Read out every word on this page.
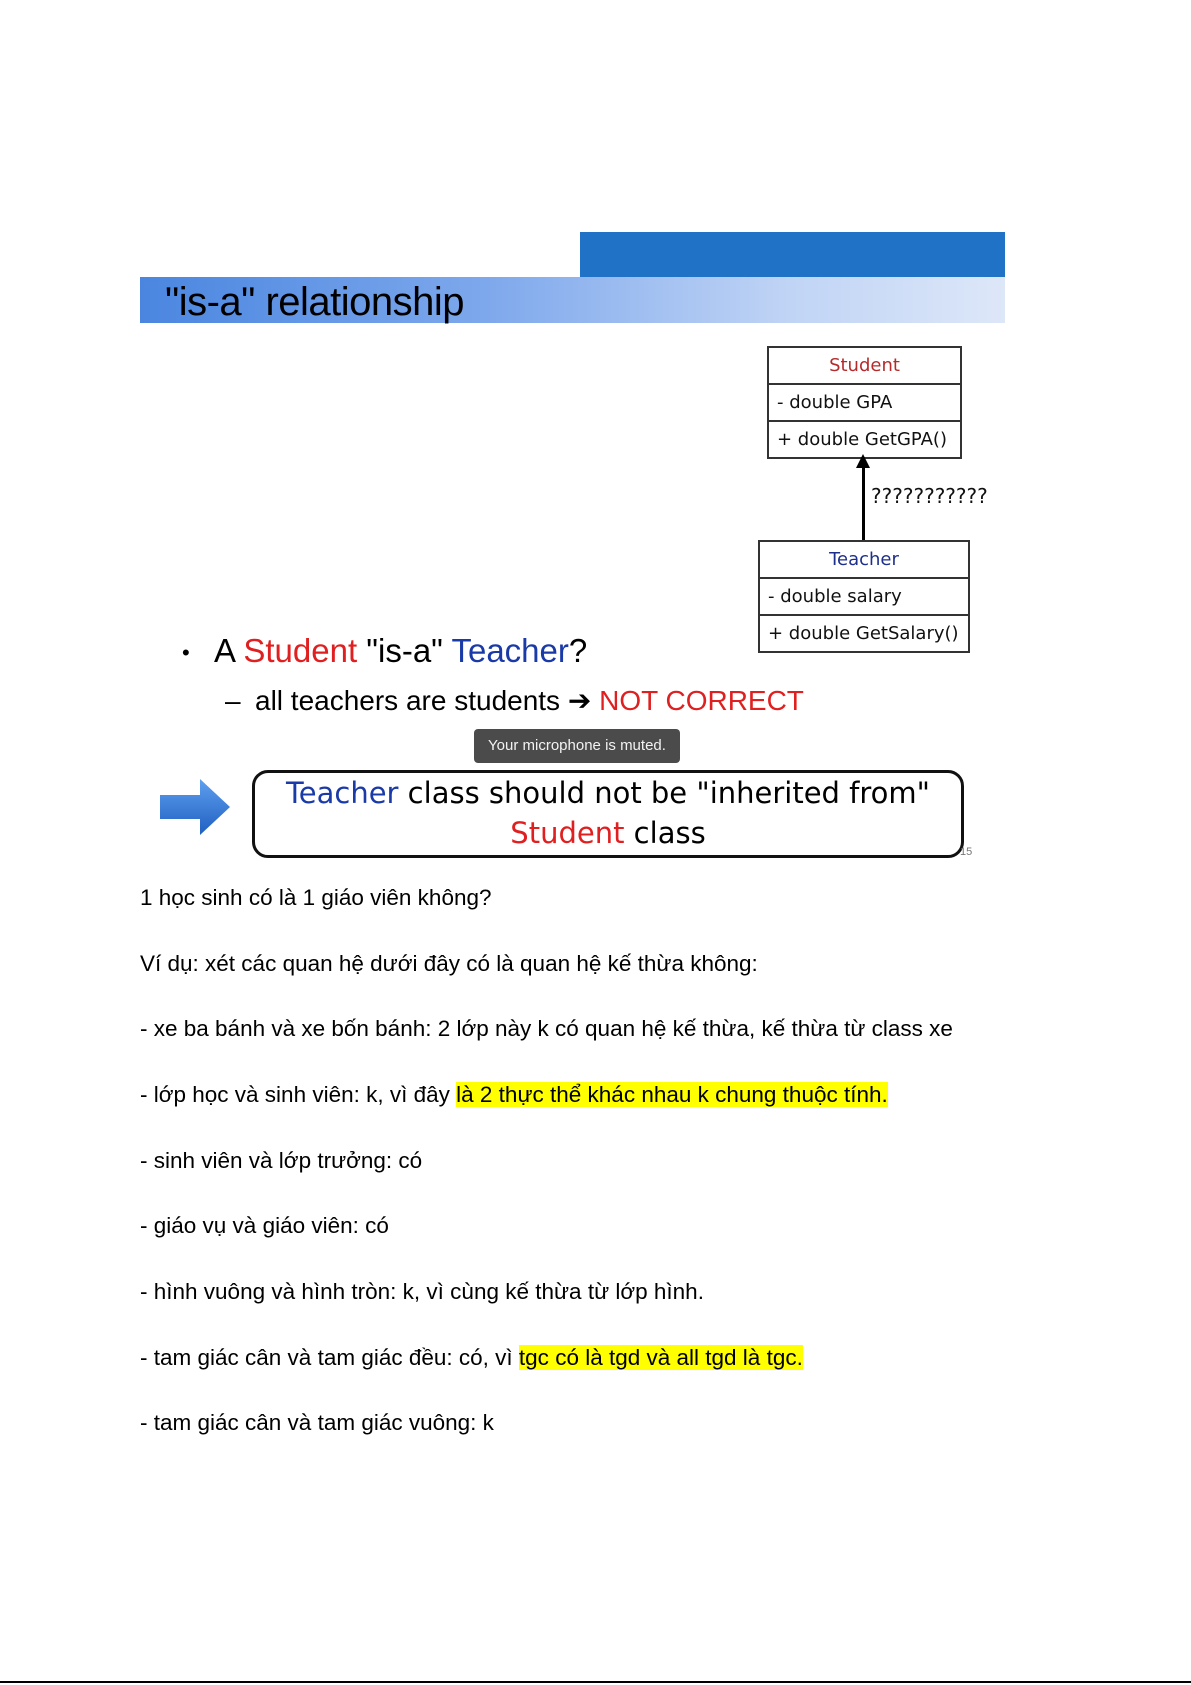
"is-a" relationship
Student
- double GPA
+ double GetGPA()
???????????
Teacher
- double salary
+ double GetSalary()
• A Student "is-a" Teacher?
– all teachers are students ➔ NOT CORRECT
Your microphone is muted.
Teacher class should not be "inherited from"
Student class
15
1 học sinh có là 1 giáo viên không?
Ví dụ: xét các quan hệ dưới đây có là quan hệ kế thừa không:
- xe ba bánh và xe bốn bánh: 2 lớp này k có quan hệ kế thừa, kế thừa từ class xe
- lớp học và sinh viên: k, vì đây là 2 thực thể khác nhau k chung thuộc tính.
- sinh viên và lớp trưởng: có
- giáo vụ và giáo viên: có
- hình vuông và hình tròn: k, vì cùng kế thừa từ lớp hình.
- tam giác cân và tam giác đều: có, vì tgc có là tgd và all tgd là tgc.
- tam giác cân và tam giác vuông: k
